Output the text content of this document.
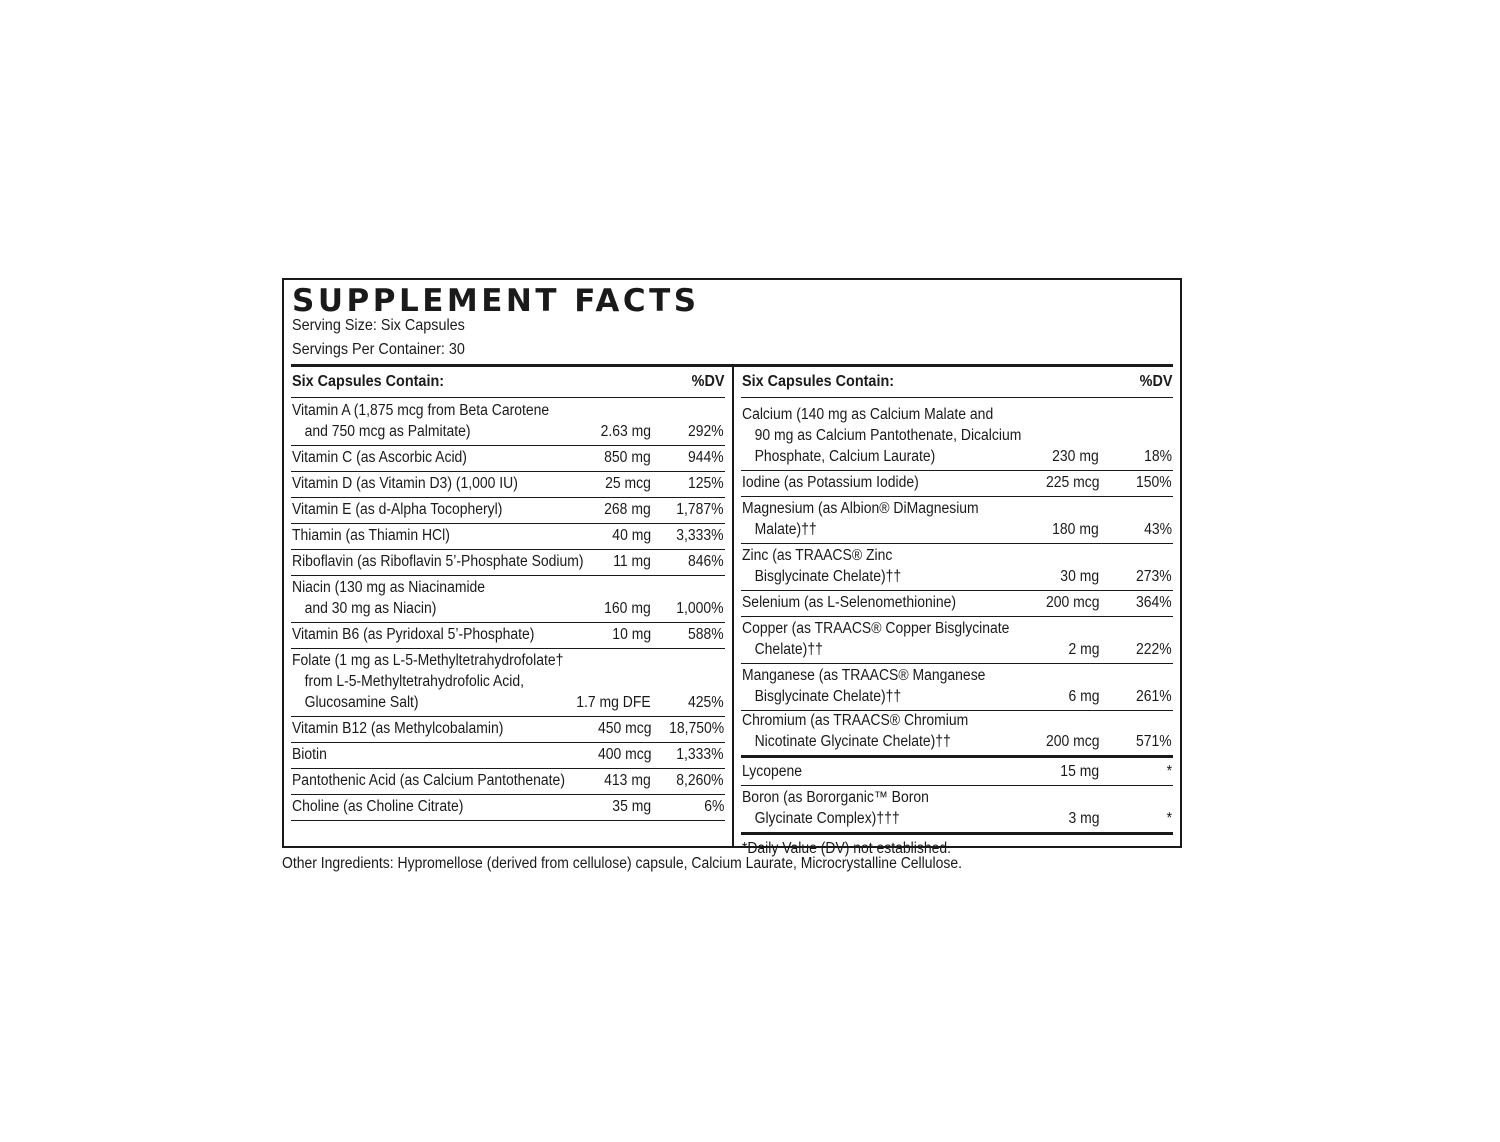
SUPPLEMENT FACTS
Serving Size: Six Capsules
Servings Per Container: 30
Six Capsules Contain:	%DV
Vitamin A (1,875 mcg from Beta Carotene
and 750 mcg as Palmitate)	2.63 mg 292%
Vitamin C (as Ascorbic Acid)	850 mg 944%
Vitamin D (as Vitamin D3) (1,000 IU)	25 mcg 125%
Vitamin E (as d-Alpha Tocopheryl)	268 mg 1,787%
Thiamin (as Thiamin HCl)	40 mg 3,333%
Riboflavin (as Riboflavin 5’-Phosphate Sodium) 11 mg 846%
Niacin (130 mg as Niacinamide
and 30 mg as Niacin)	160 mg 1,000%
Vitamin B6 (as Pyridoxal 5’-Phosphate)	10 mg 588%
Folate (1 mg as L-5-Methyltetrahydrofolate†
from L-5-Methyltetrahydrofolic Acid,
Glucosamine Salt)	1.7 mg DFE 425%
Vitamin B12 (as Methylcobalamin)	450 mcg 18,750%
Biotin	400 mcg 1,333%
Pantothenic Acid (as Calcium Pantothenate)	413 mg 8,260%
Choline (as Choline Citrate)	35 mg	6%
Six Capsules Contain:	%DV
Calcium (140 mg as Calcium Malate and
90 mg as Calcium Pantothenate, Dicalcium
Phosphate, Calcium Laurate)	230 mg	18%
Iodine (as Potassium Iodide)	225 mcg 150%
Magnesium (as Albion® DiMagnesium
Malate)††	180 mg	43%
Zinc (as TRAACS® Zinc
Bisglycinate Chelate)††	30 mg 273%
Selenium (as L-Selenomethionine)	200 mcg 364%
Copper (as TRAACS® Copper Bisglycinate
Chelate)††	2 mg 222%
Manganese (as TRAACS® Manganese
Bisglycinate Chelate)††	6 mg 261%
Chromium (as TRAACS® Chromium
Nicotinate Glycinate Chelate)††	200 mcg 571%
Lycopene	15 mg	*
Boron (as Bororganic™ Boron
Glycinate Complex)†††	3 mg	*
*Daily Value (DV) not established.
Other Ingredients: Hypromellose (derived from cellulose) capsule, Calcium Laurate, Microcrystalline Cellulose.
